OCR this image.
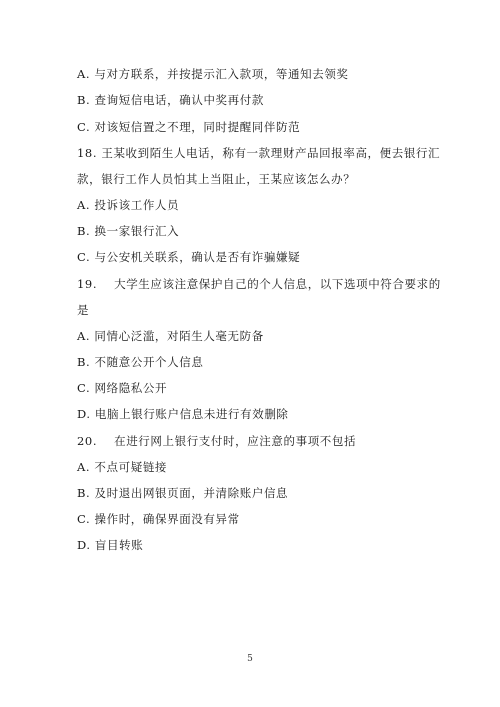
A. 与对方联系，并按提示汇入款项，等通知去领奖
B. 查询短信电话，确认中奖再付款
C. 对该短信置之不理，同时提醒同伴防范
18. 王某收到陌生人电话，称有一款理财产品回报率高，便去银行汇
款，银行工作人员怕其上当阻止，王某应该怎么办？
A. 投诉该工作人员
B. 换一家银行汇入
C. 与公安机关联系，确认是否有诈骗嫌疑
19.    大学生应该注意保护自己的个人信息，以下选项中符合要求的
是
A. 同情心泛滥，对陌生人毫无防备
B. 不随意公开个人信息
C. 网络隐私公开
D. 电脑上银行账户信息未进行有效删除
20.    在进行网上银行支付时，应注意的事项不包括
A. 不点可疑链接
B. 及时退出网银页面，并清除账户信息
C. 操作时，确保界面没有异常
D. 盲目转账
5
